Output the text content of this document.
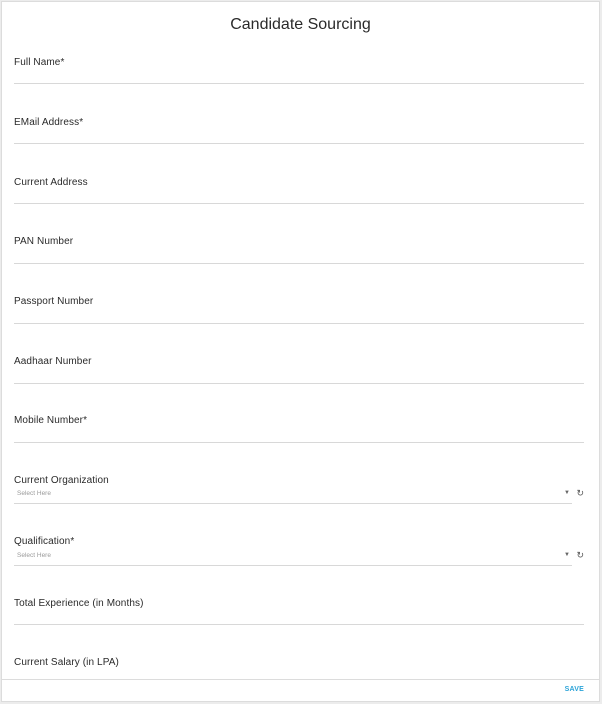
Candidate Sourcing
Full Name*
EMail Address*
Current Address
PAN Number
Passport Number
Aadhaar Number
Mobile Number*
Current Organization
Select Here	▼ ↻
Qualification*
Select Here	▼ ↻
Total Experience (in Months)
Current Salary (in LPA)
SAVE
